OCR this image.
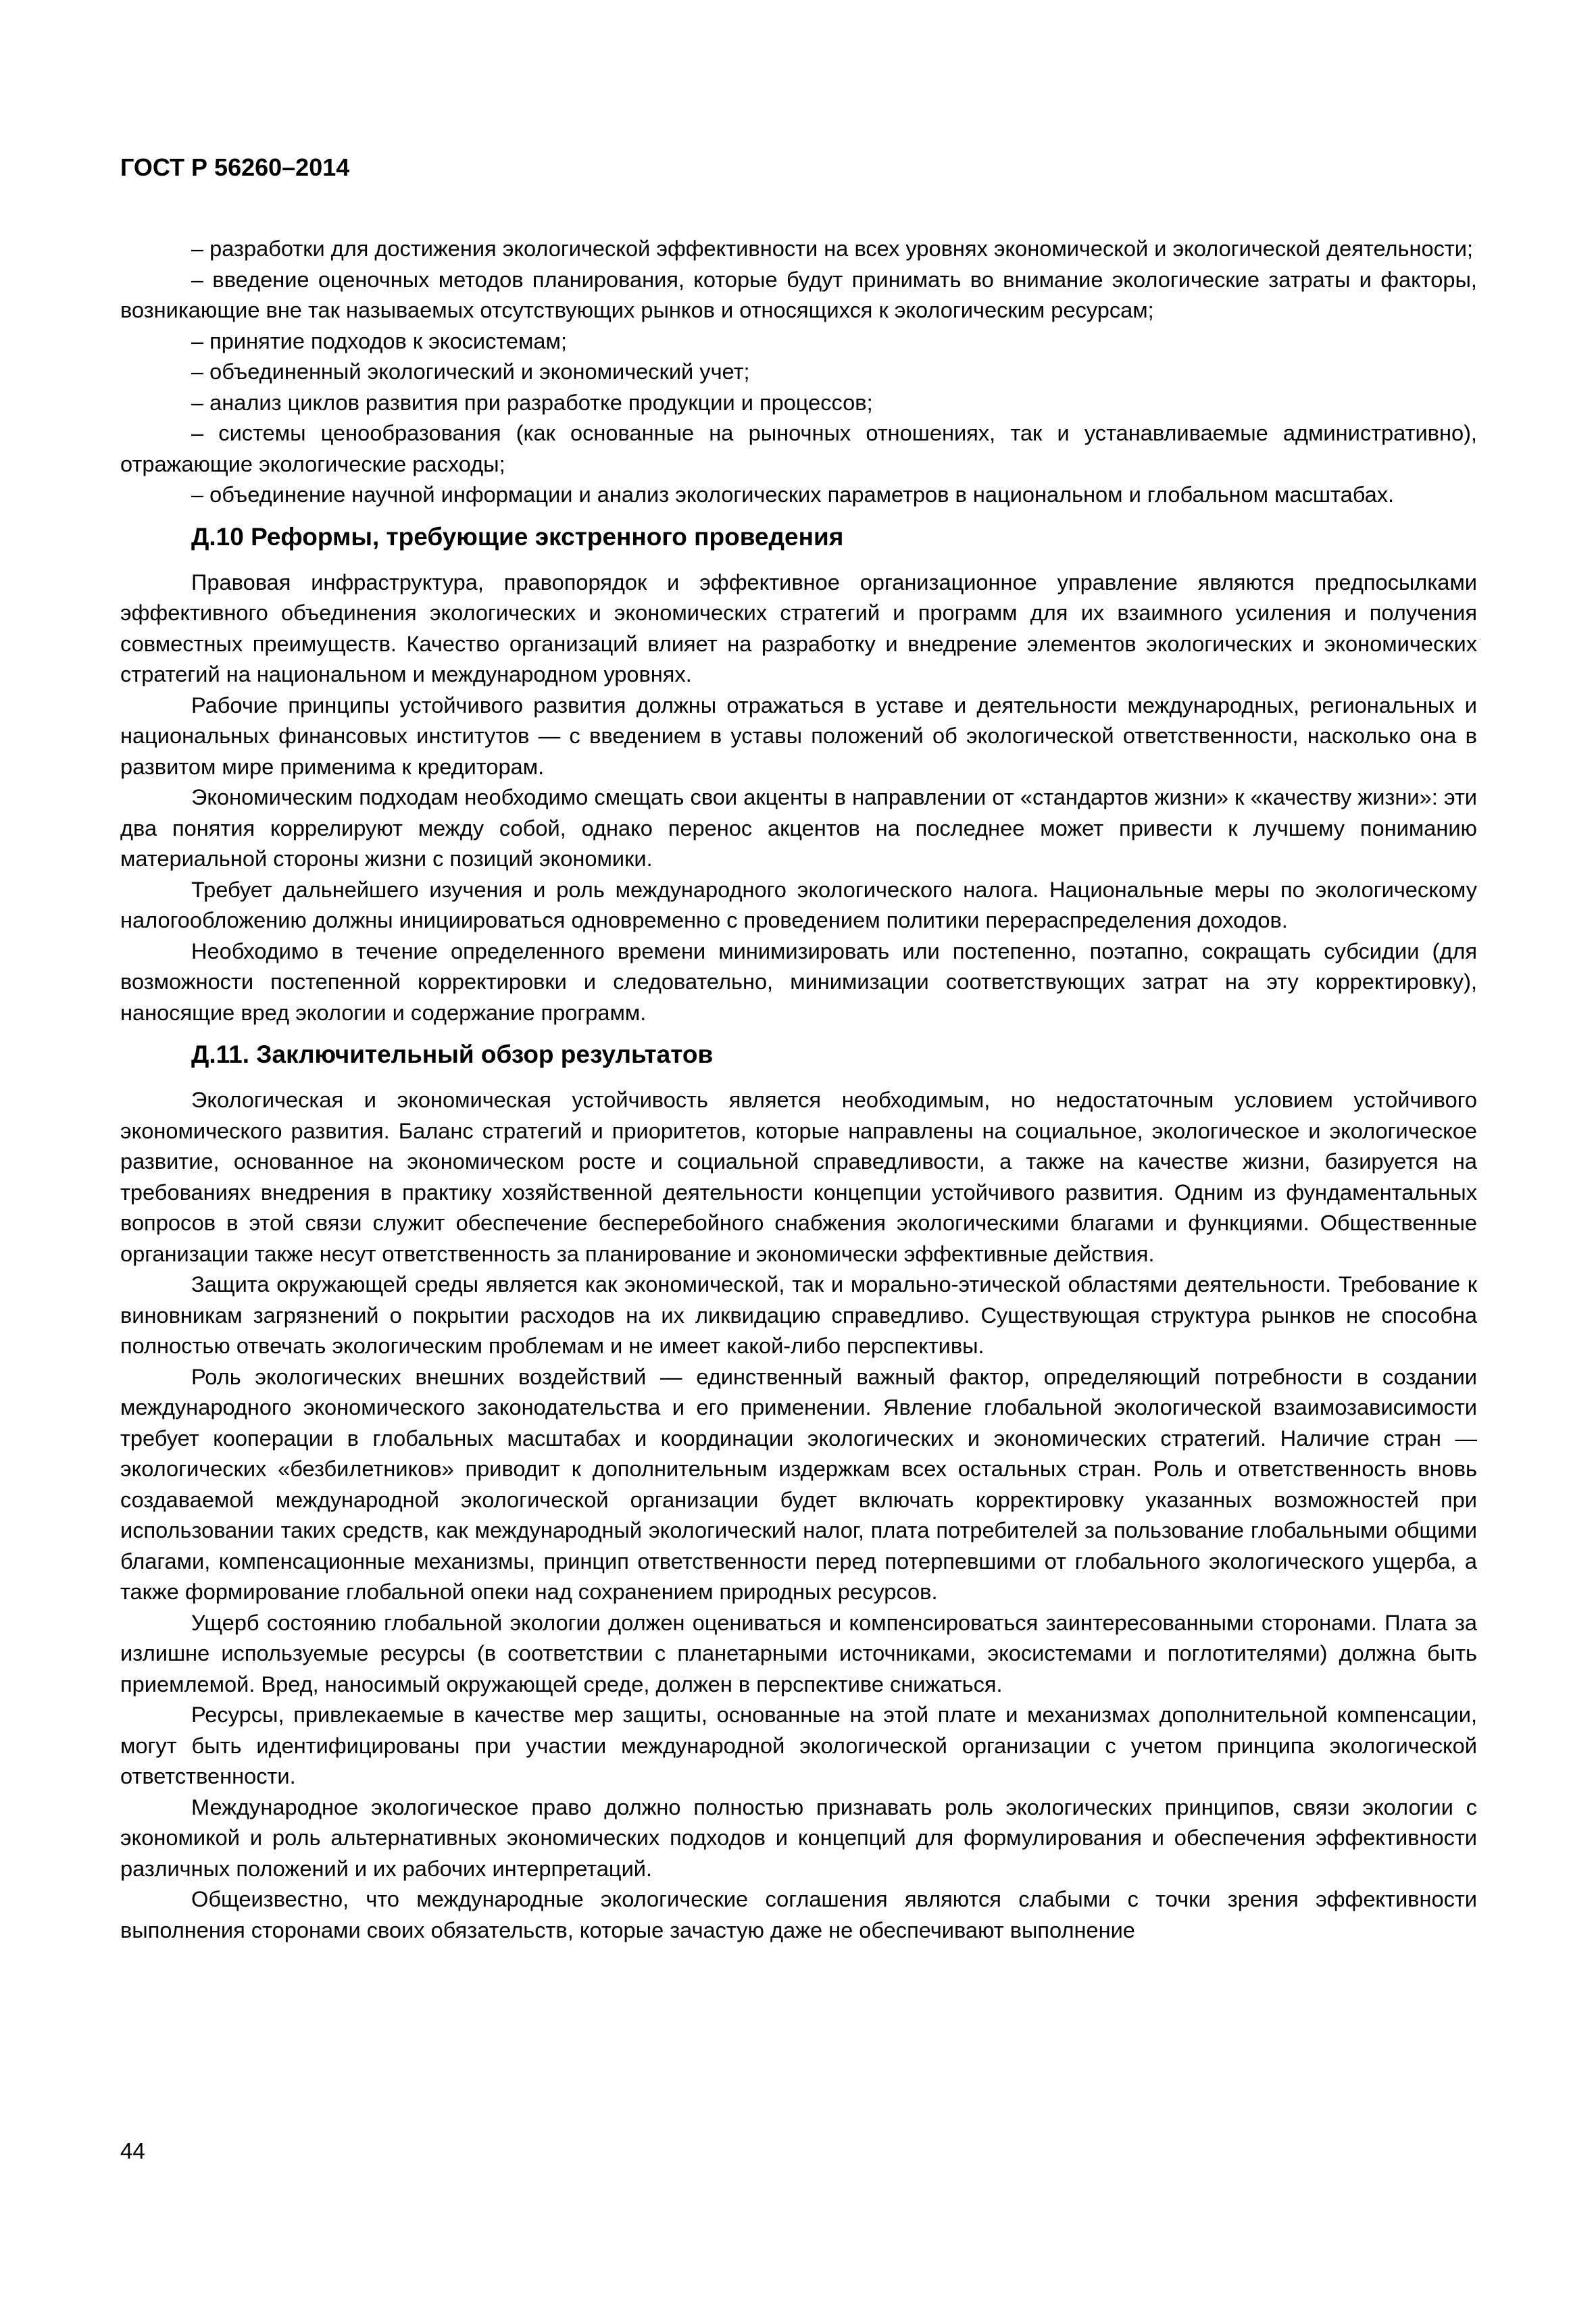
ГОСТ Р 56260–2014

– разработки для достижения экологической эффективности на всех уровнях экономической и экологической деятельности;

– введение оценочных методов планирования, которые будут принимать во внимание экологические затраты и факторы, возникающие вне так называемых отсутствующих рынков и относящихся к экологическим ресурсам;

– принятие подходов к экосистемам;

– объединенный экологический и экономический учет;

– анализ циклов развития при разработке продукции и процессов;

– системы ценообразования (как основанные на рыночных отношениях, так и устанавливаемые административно), отражающие экологические расходы;

– объединение научной информации и анализ экологических параметров в национальном и глобальном масштабах.

Д.10 Реформы, требующие экстренного проведения

Правовая инфраструктура, правопорядок и эффективное организационное управление являются предпосылками эффективного объединения экологических и экономических стратегий и программ для их взаимного усиления и получения совместных преимуществ. Качество организаций влияет на разработку и внедрение элементов экологических и экономических стратегий на национальном и международном уровнях.

Рабочие принципы устойчивого развития должны отражаться в уставе и деятельности международных, региональных и национальных финансовых институтов — с введением в уставы положений об экологической ответственности, насколько она в развитом мире применима к кредиторам.

Экономическим подходам необходимо смещать свои акценты в направлении от «стандартов жизни» к «качеству жизни»: эти два понятия коррелируют между собой, однако перенос акцентов на последнее может привести к лучшему пониманию материальной стороны жизни с позиций экономики.

Требует дальнейшего изучения и роль международного экологического налога. Национальные меры по экологическому налогообложению должны инициироваться одновременно с проведением политики перераспределения доходов.

Необходимо в течение определенного времени минимизировать или постепенно, поэтапно, сокращать субсидии (для возможности постепенной корректировки и следовательно, минимизации соответствующих затрат на эту корректировку), наносящие вред экологии и содержание программ.

Д.11. Заключительный обзор результатов

Экологическая и экономическая устойчивость является необходимым, но недостаточным условием устойчивого экономического развития. Баланс стратегий и приоритетов, которые направлены на социальное, экологическое и экологическое развитие, основанное на экономическом росте и социальной справедливости, а также на качестве жизни, базируется на требованиях внедрения в практику хозяйственной деятельности концепции устойчивого развития. Одним из фундаментальных вопросов в этой связи служит обеспечение бесперебойного снабжения экологическими благами и функциями. Общественные организации также несут ответственность за планирование и экономически эффективные действия.

Защита окружающей среды является как экономической, так и морально-этической областями деятельности. Требование к виновникам загрязнений о покрытии расходов на их ликвидацию справедливо. Существующая структура рынков не способна полностью отвечать экологическим проблемам и не имеет какой-либо перспективы.

Роль экологических внешних воздействий — единственный важный фактор, определяющий потребности в создании международного экономического законодательства и его применении. Явление глобальной экологической взаимозависимости требует кооперации в глобальных масштабах и координации экологических и экономических стратегий. Наличие стран — экологических «безбилетников» приводит к дополнительным издержкам всех остальных стран. Роль и ответственность вновь создаваемой международной экологической организации будет включать корректировку указанных возможностей при использовании таких средств, как международный экологический налог, плата потребителей за пользование глобальными общими благами, компенсационные механизмы, принцип ответственности перед потерпевшими от глобального экологического ущерба, а также формирование глобальной опеки над сохранением природных ресурсов.

Ущерб состоянию глобальной экологии должен оцениваться и компенсироваться заинтересованными сторонами. Плата за излишне используемые ресурсы (в соответствии с планетарными источниками, экосистемами и поглотителями) должна быть приемлемой. Вред, наносимый окружающей среде, должен в перспективе снижаться.

Ресурсы, привлекаемые в качестве мер защиты, основанные на этой плате и механизмах дополнительной компенсации, могут быть идентифицированы при участии международной экологической организации с учетом принципа экологической ответственности.

Международное экологическое право должно полностью признавать роль экологических принципов, связи экологии с экономикой и роль альтернативных экономических подходов и концепций для формулирования и обеспечения эффективности различных положений и их рабочих интерпретаций.

Общеизвестно, что международные экологические соглашения являются слабыми с точки зрения эффективности выполнения сторонами своих обязательств, которые зачастую даже не обеспечивают выполнение

44
